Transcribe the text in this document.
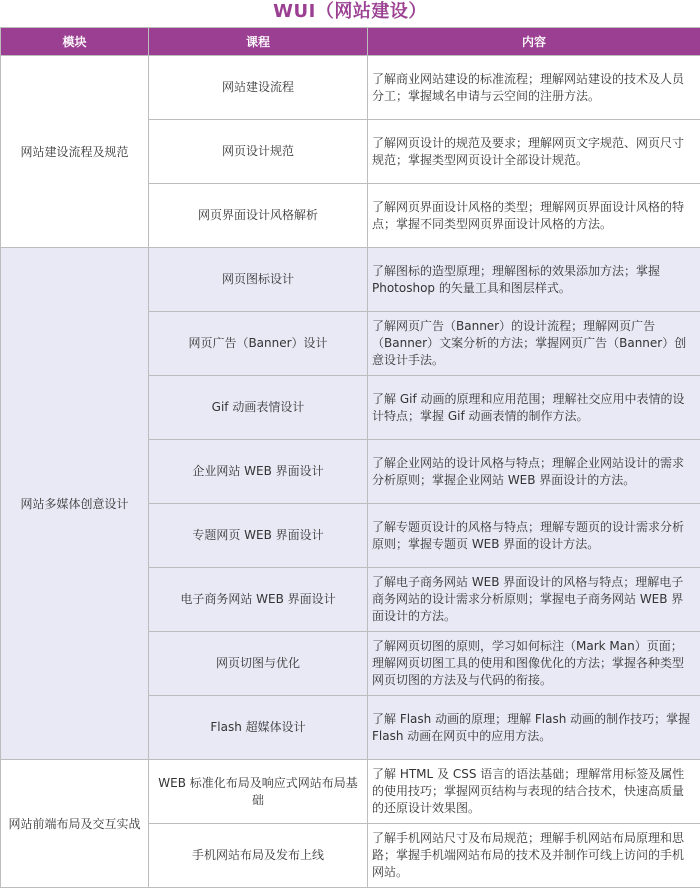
WUI（网站建设）
模块	课程	内容
网站建设流程及规范	网站建设流程	了解商业网站建设的标准流程；理解网站建设的技术及人员分工；掌握域名申请与云空间的注册方法。
	网页设计规范	了解网页设计的规范及要求；理解网页文字规范、网页尺寸规范；掌握类型网页设计全部设计规范。
	网页界面设计风格解析	了解网页界面设计风格的类型；理解网页界面设计风格的特点；掌握不同类型网页界面设计风格的方法。
网站多媒体创意设计	网页图标设计	了解图标的造型原理；理解图标的效果添加方法；掌握 Photoshop 的矢量工具和图层样式。
	网页广告（Banner）设计	了解网页广告（Banner）的设计流程；理解网页广告（Banner）文案分析的方法；掌握网页广告（Banner）创意设计手法。
	Gif 动画表情设计	了解 Gif 动画的原理和应用范围；理解社交应用中表情的设计特点；掌握 Gif 动画表情的制作方法。
	企业网站 WEB 界面设计	了解企业网站的设计风格与特点；理解企业网站设计的需求分析原则；掌握企业网站 WEB 界面设计的方法。
	专题网页 WEB 界面设计	了解专题页设计的风格与特点；理解专题页的设计需求分析原则；掌握专题页 WEB 界面的设计方法。
	电子商务网站 WEB 界面设计	了解电子商务网站 WEB 界面设计的风格与特点；理解电子商务网站的设计需求分析原则；掌握电子商务网站 WEB 界面设计的方法。
	网页切图与优化	了解网页切图的原则，学习如何标注（Mark Man）页面；理解网页切图工具的使用和图像优化的方法；掌握各种类型网页切图的方法及与代码的衔接。
	Flash 超媒体设计	了解 Flash 动画的原理；理解 Flash 动画的制作技巧；掌握 Flash 动画在网页中的应用方法。
网站前端布局及交互实战	WEB 标准化布局及响应式网站布局基础	了解 HTML 及 CSS 语言的语法基础；理解常用标签及属性的使用技巧；掌握网页结构与表现的结合技术，快速高质量的还原设计效果图。
	手机网站布局及发布上线	了解手机网站尺寸及布局规范；理解手机网站布局原理和思路；掌握手机端网站布局的技术及并制作可线上访问的手机网站。
